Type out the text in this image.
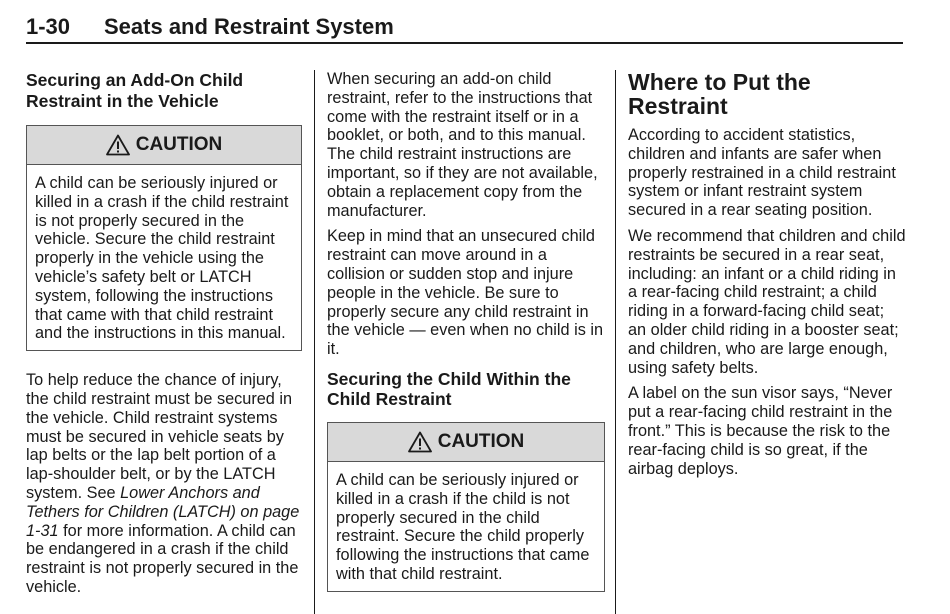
1-30	Seats and Restraint System
Securing an Add-On Child Restraint in the Vehicle
CAUTION
A child can be seriously injured or killed in a crash if the child restraint is not properly secured in the vehicle. Secure the child restraint properly in the vehicle using the vehicle’s safety belt or LATCH system, following the instructions that came with that child restraint and the instructions in this manual.

To help reduce the chance of injury, the child restraint must be secured in the vehicle. Child restraint systems must be secured in vehicle seats by lap belts or the lap belt portion of a lap-shoulder belt, or by the LATCH system. See Lower Anchors and Tethers for Children (LATCH) on page 1-31 for more information. A child can be endangered in a crash if the child restraint is not properly secured in the vehicle.

When securing an add-on child restraint, refer to the instructions that come with the restraint itself or in a booklet, or both, and to this manual. The child restraint instructions are important, so if they are not available, obtain a replacement copy from the manufacturer.

Keep in mind that an unsecured child restraint can move around in a collision or sudden stop and injure people in the vehicle. Be sure to properly secure any child restraint in the vehicle — even when no child is in it.

Securing the Child Within the Child Restraint
CAUTION
A child can be seriously injured or killed in a crash if the child is not properly secured in the child restraint. Secure the child properly following the instructions that came with that child restraint.
Where to Put the Restraint

According to accident statistics, children and infants are safer when properly restrained in a child restraint system or infant restraint system secured in a rear seating position.

We recommend that children and child restraints be secured in a rear seat, including: an infant or a child riding in a rear-facing child restraint; a child riding in a forward-facing child seat; an older child riding in a booster seat; and children, who are large enough, using safety belts.

A label on the sun visor says, “Never put a rear-facing child restraint in the front.” This is because the risk to the rear-facing child is so great, if the airbag deploys.
